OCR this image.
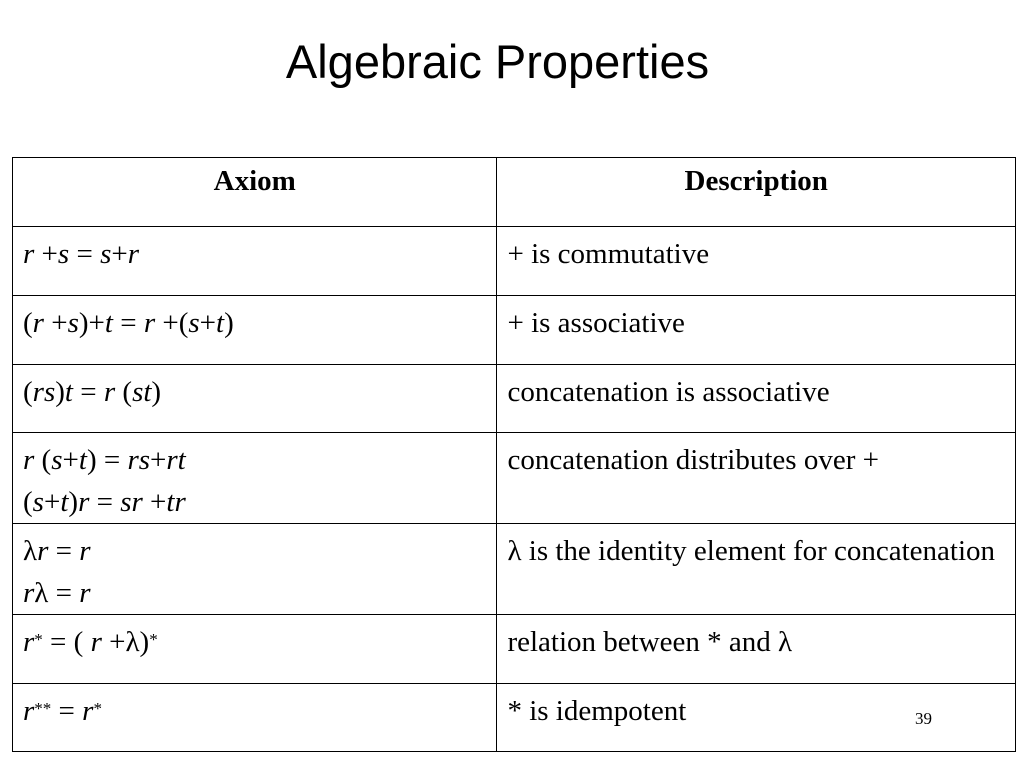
Algebraic Properties
Axiom	Description

r +s = s+r	+ is commutative

(r +s)+t = r +(s+t)	+ is associative

(rs)t = r (st)	concatenation is associative

r (s+t) = rs+rt
(s+t)r = sr +tr	concatenation distributes over +

λr = r
rλ = r	λ is the identity element for concatenation

r* = ( r +λ)*	relation between * and λ

r** = r*	* is idempotent	39
